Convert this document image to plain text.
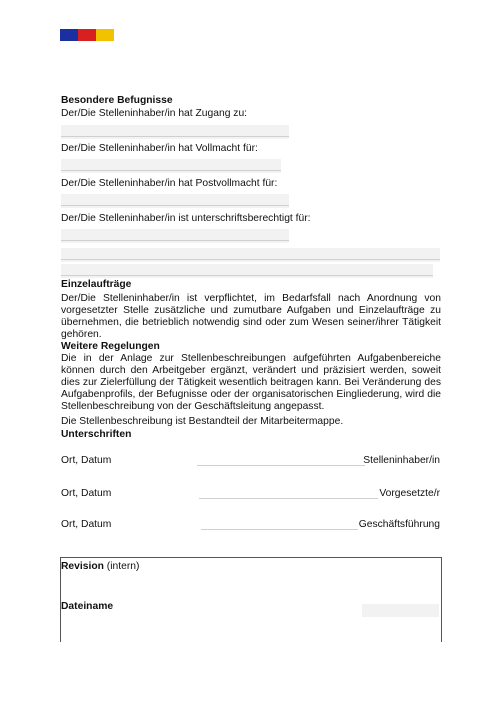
Besondere Befugnisse
Der/Die Stelleninhaber/in hat Zugang zu:
Der/Die Stelleninhaber/in hat Vollmacht für:
Der/Die Stelleninhaber/in hat Postvollmacht für:
Der/Die Stelleninhaber/in ist unterschriftsberechtigt für:
Einzelaufträge
Der/Die Stelleninhaber/in ist verpflichtet, im Bedarfsfall nach Anordnung von vorgesetzter Stelle zusätzliche und zumutbare Aufgaben und Einzelaufträge zu übernehmen, die betrieblich notwendig sind oder zum Wesen seiner/ihrer Tätigkeit gehören.
Weitere Regelungen
Die in der Anlage zur Stellenbeschreibungen aufgeführten Aufgabenbereiche können durch den Arbeitgeber ergänzt, verändert und präzisiert werden, soweit dies zur Zielerfüllung der Tätigkeit wesentlich beitragen kann. Bei Veränderung des Aufgabenprofils, der Befugnisse oder der organisatorischen Eingliederung, wird die Stellenbeschreibung von der Geschäftsleitung angepasst.
Die Stellenbeschreibung ist Bestandteil der Mitarbeitermappe.
Unterschriften
Ort, Datum	Stelleninhaber/in
Ort, Datum	Vorgesetzte/r
Ort, Datum	Geschäftsführung
Revision (intern)
Dateiname
